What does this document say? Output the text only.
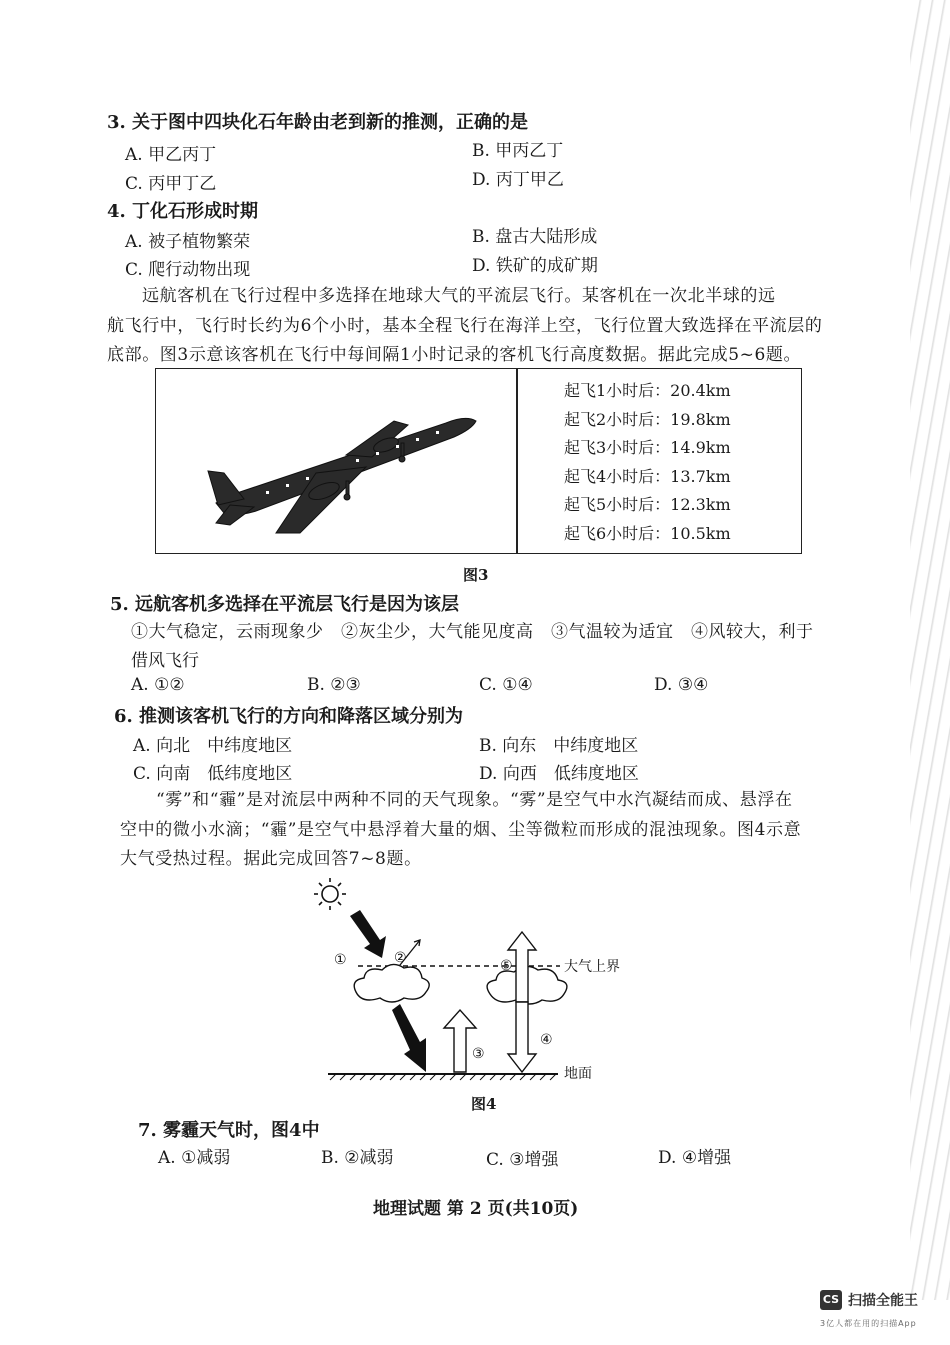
3. 关于图中四块化石年龄由老到新的推测，正确的是
A. 甲乙丙丁	B. 甲丙乙丁
C. 丙甲丁乙	D. 丙丁甲乙
4. 丁化石形成时期
A. 被子植物繁荣	B. 盘古大陆形成
C. 爬行动物出现	D. 铁矿的成矿期
远航客机在飞行过程中多选择在地球大气的平流层飞行。某客机在一次北半球的远
航飞行中，飞行时长约为6个小时，基本全程飞行在海洋上空，飞行位置大致选择在平流层的
底部。图3示意该客机在飞行中每间隔1小时记录的客机飞行高度数据。据此完成5~6题。
起飞1小时后：20.4km
起飞2小时后：19.8km
起飞3小时后：14.9km
起飞4小时后：13.7km
起飞5小时后：12.3km
起飞6小时后：10.5km
图3
5. 远航客机多选择在平流层飞行是因为该层
①大气稳定，云雨现象少　②灰尘少，大气能见度高　③气温较为适宜　④风较大，利于
借风飞行
A. ①②	B. ②③	C. ①④	D. ③④
6. 推测该客机飞行的方向和降落区域分别为
A. 向北　中纬度地区	B. 向东　中纬度地区
C. 向南　低纬度地区	D. 向西　低纬度地区
“雾”和“霾”是对流层中两种不同的天气现象。“雾”是空气中水汽凝结而成、悬浮在
空中的微小水滴；“霾”是空气中悬浮着大量的烟、尘等微粒而形成的混浊现象。图4示意
大气受热过程。据此完成回答7~8题。
①	②	⑤
③
④
大气上界
地面
图4
7. 雾霾天气时，图4中
A. ①减弱	B. ②减弱	C. ③增强	D. ④增强
地理试题 第 2 页(共10页)
CS 扫描全能王
3亿人都在用的扫描App
